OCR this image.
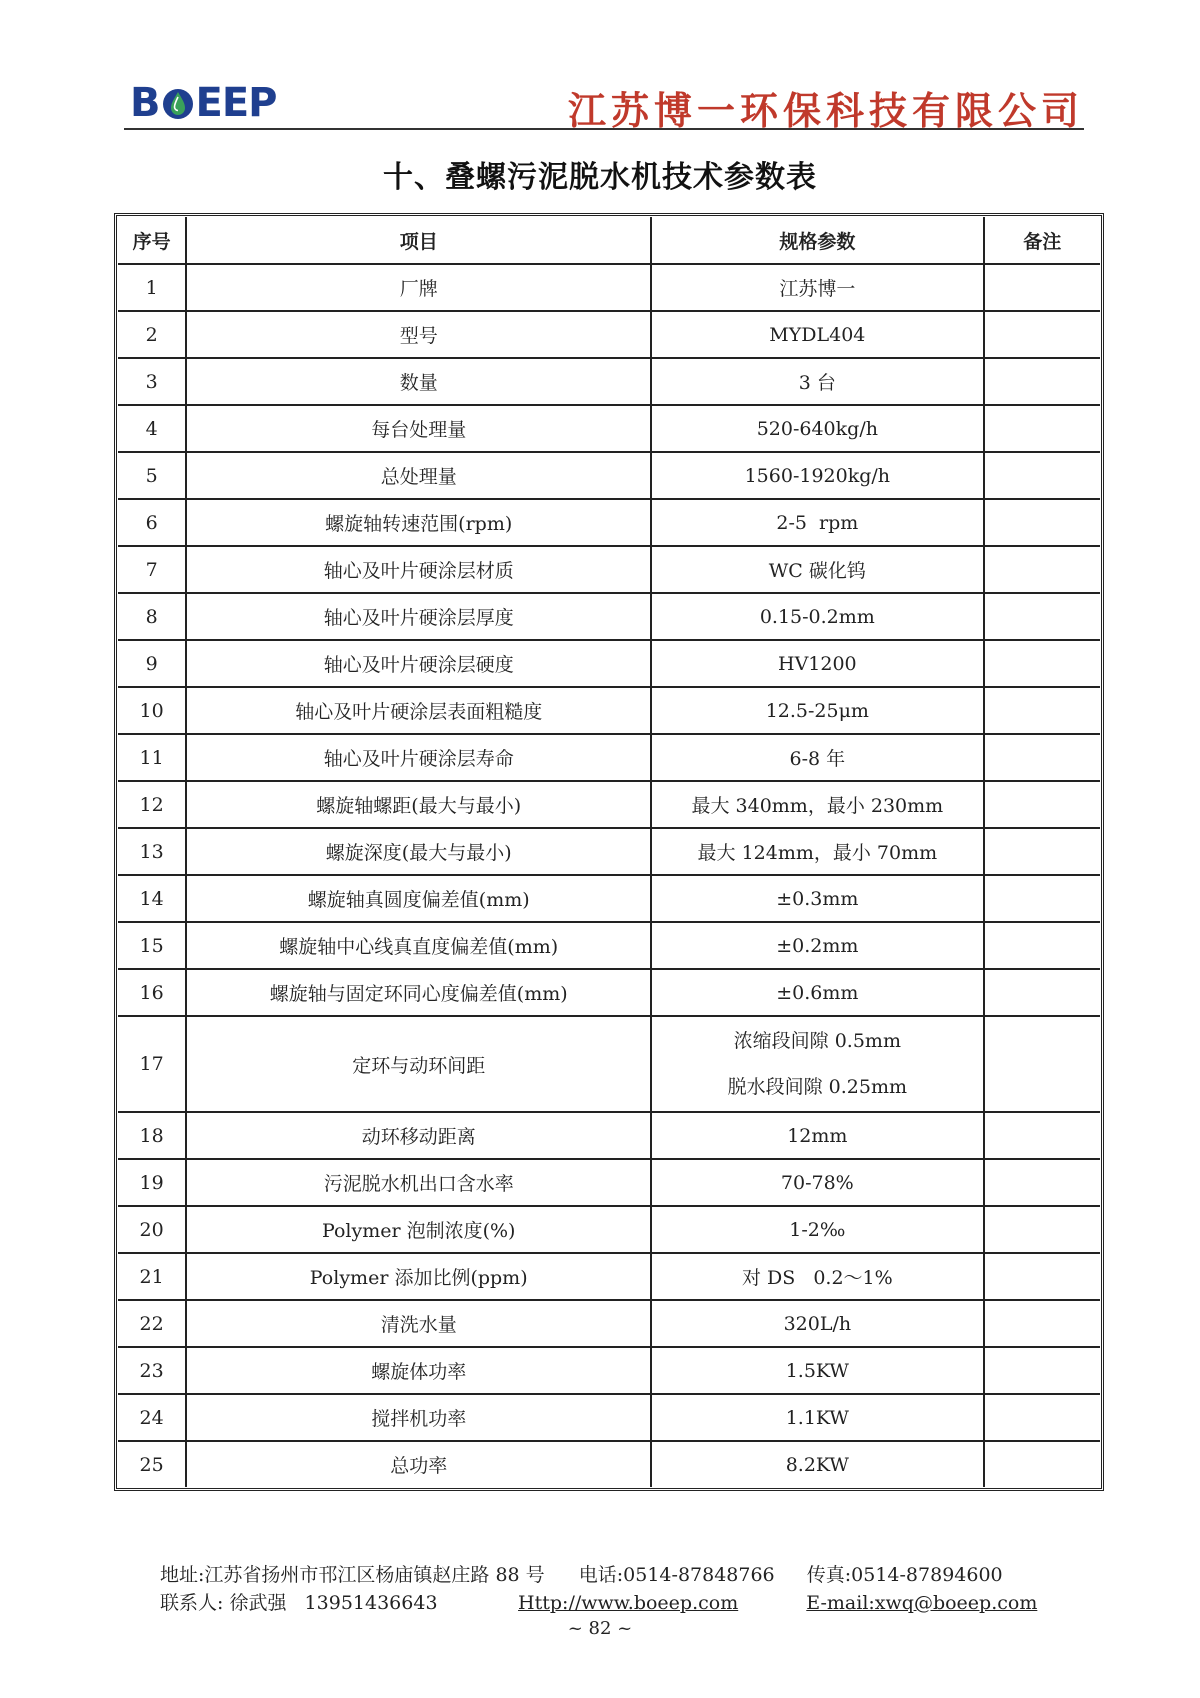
B EEP	江苏博一环保科技有限公司
十、叠螺污泥脱水机技术参数表
序号	项目	规格参数	备注
1	厂牌	江苏博一	
2	型号	MYDL404	
3	数量	3 台	
4	每台处理量	520-640kg/h	
5	总处理量	1560-1920kg/h	
6	螺旋轴转速范围(rpm)	2-5  rpm	
7	轴心及叶片硬涂层材质	WC 碳化钨	
8	轴心及叶片硬涂层厚度	0.15-0.2mm	
9	轴心及叶片硬涂层硬度	HV1200	
10	轴心及叶片硬涂层表面粗糙度	12.5-25μm	
11	轴心及叶片硬涂层寿命	6-8 年	
12	螺旋轴螺距(最大与最小)	最大 340mm，最小 230mm	
13	螺旋深度(最大与最小)	最大 124mm，最小 70mm	
14	螺旋轴真圆度偏差值(mm)	±0.3mm	
15	螺旋轴中心线真直度偏差值(mm)	±0.2mm	
16	螺旋轴与固定环同心度偏差值(mm)	±0.6mm	
17	定环与动环间距	浓缩段间隙 0.5mm
脱水段间隙 0.25mm	

18	动环移动距离	12mm	
19	污泥脱水机出口含水率	70-78%	
20	Polymer 泡制浓度(%)	1-2‰	
21	Polymer 添加比例(ppm)	对 DS   0.2～1%	
22	清洗水量	320L/h	
23	螺旋体功率	1.5KW	
24	搅拌机功率	1.1KW	
25	总功率	8.2KW	
地址:江苏省扬州市邗江区杨庙镇赵庄路 88 号 电话:0514-87848766 传真:0514-87894600
联系人: 徐武强   13951436643	Http://www.boeep.com	E-mail:xwq@boeep.com
~ 82 ~
